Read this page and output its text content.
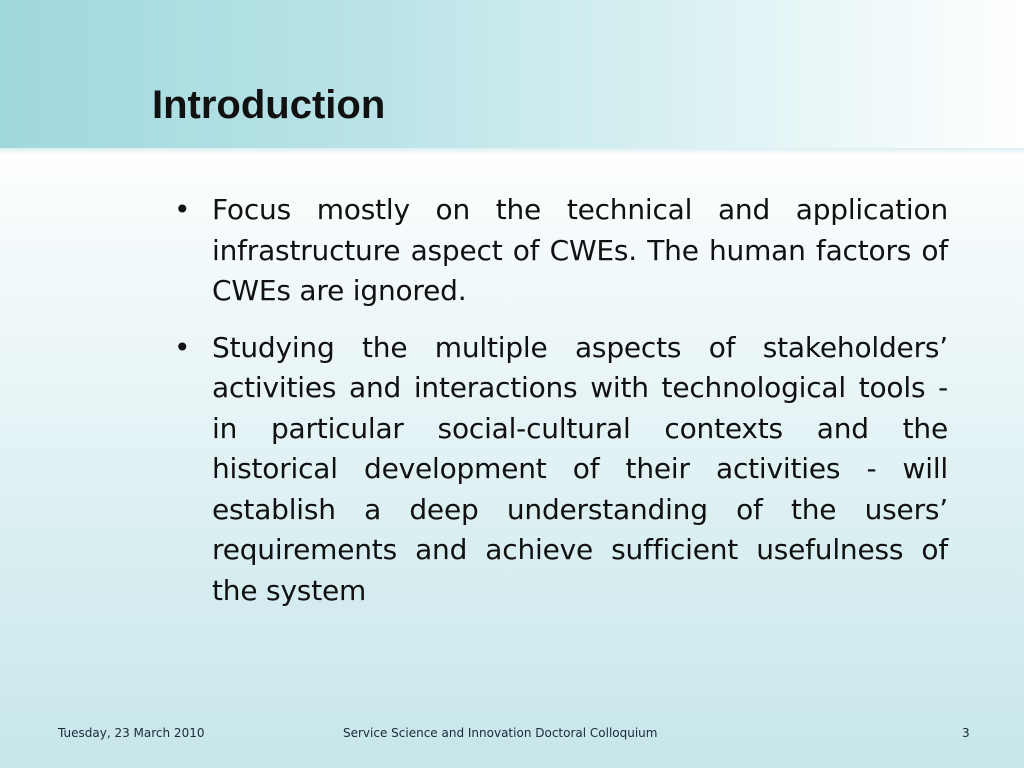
Introduction
• Focus mostly on the technical and application infrastructure aspect of CWEs. The human factors of CWEs are ignored.
• Studying the multiple aspects of stakeholders’ activities and interactions with technological tools - in particular social-cultural contexts and the historical development of their activities - will establish a deep understanding of the users’ requirements and achieve sufficient usefulness of the system
Tuesday, 23 March 2010	Service Science and Innovation Doctoral Colloquium	3
